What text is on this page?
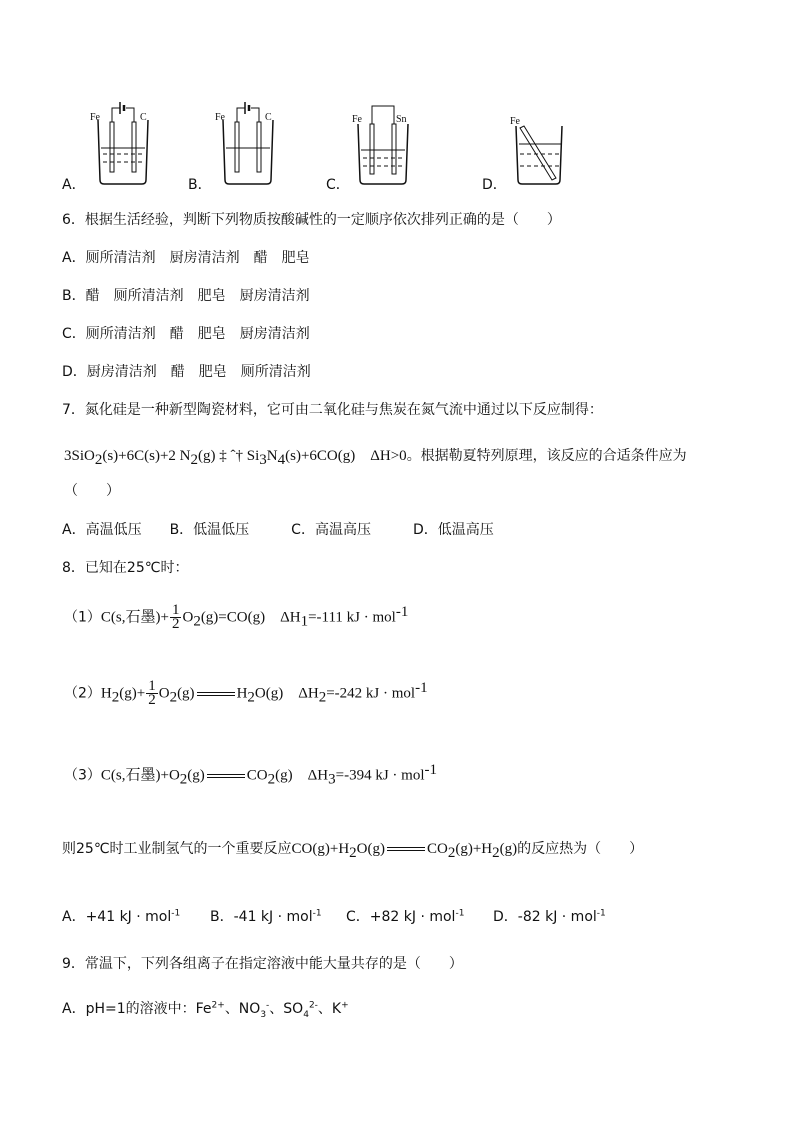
Fe	C
A．
Fe	C
B．
Fe	Sn
C．
Fe
D．
6．根据生活经验，判断下列物质按酸碱性的一定顺序依次排列正确的是（　　）
A．厕所清洁剂　厨房清洁剂　醋　肥皂
B．醋　厕所清洁剂　肥皂　厨房清洁剂
C．厕所清洁剂　醋　肥皂　厨房清洁剂
D．厨房清洁剂　醋　肥皂　厕所清洁剂
7．氮化硅是一种新型陶瓷材料，它可由二氧化硅与焦炭在氮气流中通过以下反应制得：
3SiO$_2$(s)+6C(s)+2 $N_2(g)$ ‡ ˆ† $Si_3N_4(s)+6CO(g)$　ΔH>0。根据勒夏特列原理，该反应的合适条件应为
（　　）
A．高温低压　　B．低温低压　　　C．高温高压　　　D．低温高压
8．已知在25℃时：
（1）C(s,石墨)+ $\frac{1}{2} O_2(g)=CO(g)$　$\Delta H_1=-111$ kJ · mol$^{-1}$
$(2)H_2(g)+ \frac{1}{2} O_2(g)$	$H_2O(g)$　$\Delta H_2=-242$ kJ · mol$^{-1}$
（3）C(s,石墨)$+O_2(g)$	$CO_2(g)$　$\Delta H_3=-394$ kJ · mol$^{-1}$
则25℃时工业制氢气的一个重要反应$CO(g)+H_2O(g)$	$CO_2(g)+H_2(g)$的反应热为（　　）
A．+41 kJ · mol$^{-1}$ B．-41 kJ · mol$^{-1}$ C．+82 kJ · mol$^{-1}$ D．-82 kJ · mol$^{-1}$
9．常温下，下列各组离子在指定溶液中能大量共存的是（　　）
A．pH=1的溶液中：$Fe^{2+}$、$NO_3^-$、$SO_4^{2-}$、K+
